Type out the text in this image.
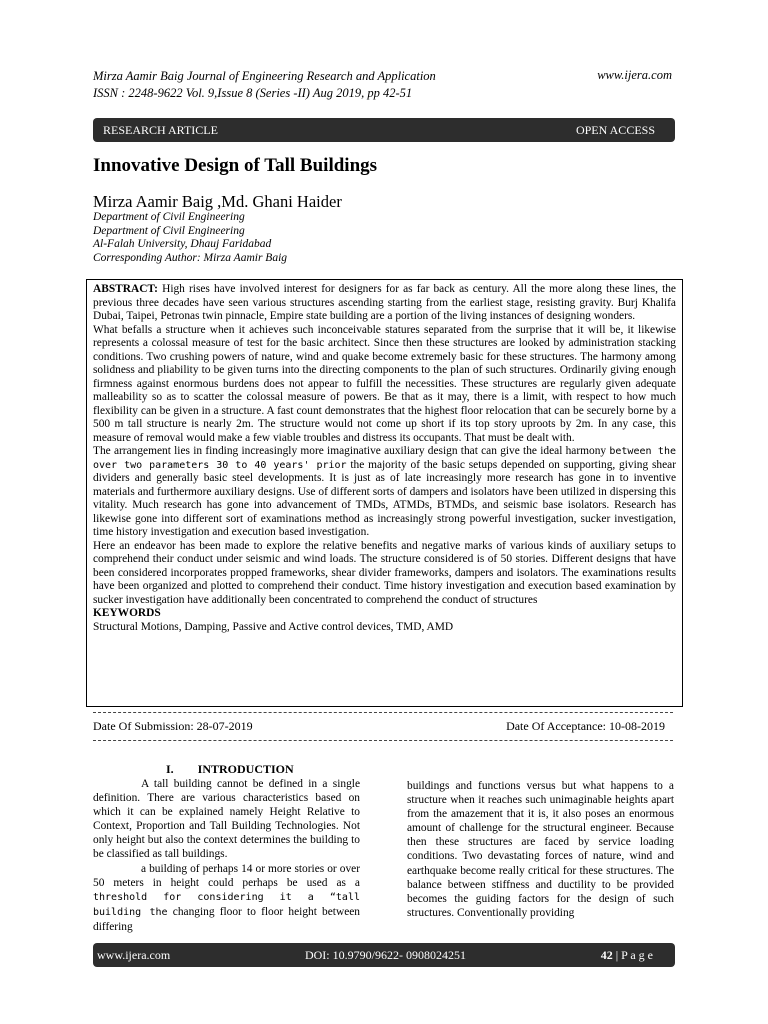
Mirza Aamir Baig Journal of Engineering Research and Application
ISSN : 2248-9622 Vol. 9,Issue 8 (Series -II) Aug 2019, pp 42-51
www.ijera.com
RESEARCH ARTICLE	OPEN ACCESS
Innovative Design of Tall Buildings
Mirza Aamir Baig ,Md. Ghani Haider
Department of Civil Engineering
Department of Civil Engineering
Al-Falah University, Dhauj Faridabad
Corresponding Author: Mirza Aamir Baig

ABSTRACT: High rises have involved interest for designers for as far back as century. All the more along these lines, the previous three decades have seen various structures ascending starting from the earliest stage, resisting gravity. Burj Khalifa Dubai, Taipei, Petronas twin pinnacle, Empire state building are a portion of the living instances of designing wonders.

What befalls a structure when it achieves such inconceivable statures separated from the surprise that it will be, it likewise represents a colossal measure of test for the basic architect. Since then these structures are looked by administration stacking conditions. Two crushing powers of nature, wind and quake become extremely basic for these structures. The harmony among solidness and pliability to be given turns into the directing components to the plan of such structures. Ordinarily giving enough firmness against enormous burdens does not appear to fulfill the necessities. These structures are regularly given adequate malleability so as to scatter the colossal measure of powers. Be that as it may, there is a limit, with respect to how much flexibility can be given in a structure. A fast count demonstrates that the highest floor relocation that can be securely borne by a 500 m tall structure is nearly 2m. The structure would not come up short if its top story uproots by 2m. In any case, this measure of removal would make a few viable troubles and distress its occupants. That must be dealt with.

The arrangement lies in finding increasingly more imaginative auxiliary design that can give the ideal harmony between the over two parameters 30 to 40 years' prior the majority of the basic setups depended on supporting, giving shear dividers and generally basic steel developments. It is just as of late increasingly more research has gone in to inventive materials and furthermore auxiliary designs. Use of different sorts of dampers and isolators have been utilized in dispersing this vitality. Much research has gone into advancement of TMDs, ATMDs, BTMDs, and seismic base isolators. Research has likewise gone into different sort of examinations method as increasingly strong powerful investigation, sucker investigation, time history investigation and execution based investigation.

Here an endeavor has been made to explore the relative benefits and negative marks of various kinds of auxiliary setups to comprehend their conduct under seismic and wind loads. The structure considered is of 50 stories. Different designs that have been considered incorporates propped frameworks, shear divider frameworks, dampers and isolators. The examinations results have been organized and plotted to comprehend their conduct. Time history investigation and execution based examination by sucker investigation have additionally been concentrated to comprehend the conduct of structures

KEYWORDS

Structural Motions, Damping, Passive and Active control devices, TMD, AMD

Date Of Submission: 28-07-2019	Date Of Acceptance: 10-08-2019
I.        INTRODUCTION

A tall building cannot be defined in a single definition. There are various characteristics based on which it can be explained namely Height Relative to Context, Proportion and Tall Building Technologies. Not only height but also the context determines the building to be classified as tall buildings.

a building of perhaps 14 or more stories or over 50 meters in height could perhaps be used as a threshold for considering it a “tall building the changing floor to floor height between differing

buildings and functions versus but what happens to a structure when it reaches such unimaginable heights apart from the amazement that it is, it also poses an enormous amount of challenge for the structural engineer. Because then these structures are faced by service loading conditions. Two devastating forces of nature, wind and earthquake become really critical for these structures. The balance between stiffness and ductility to be provided becomes the guiding factors for the design of such structures. Conventionally providing

www.ijera.com	DOI: 10.9790/9622- 0908024251	42 | P a g e
